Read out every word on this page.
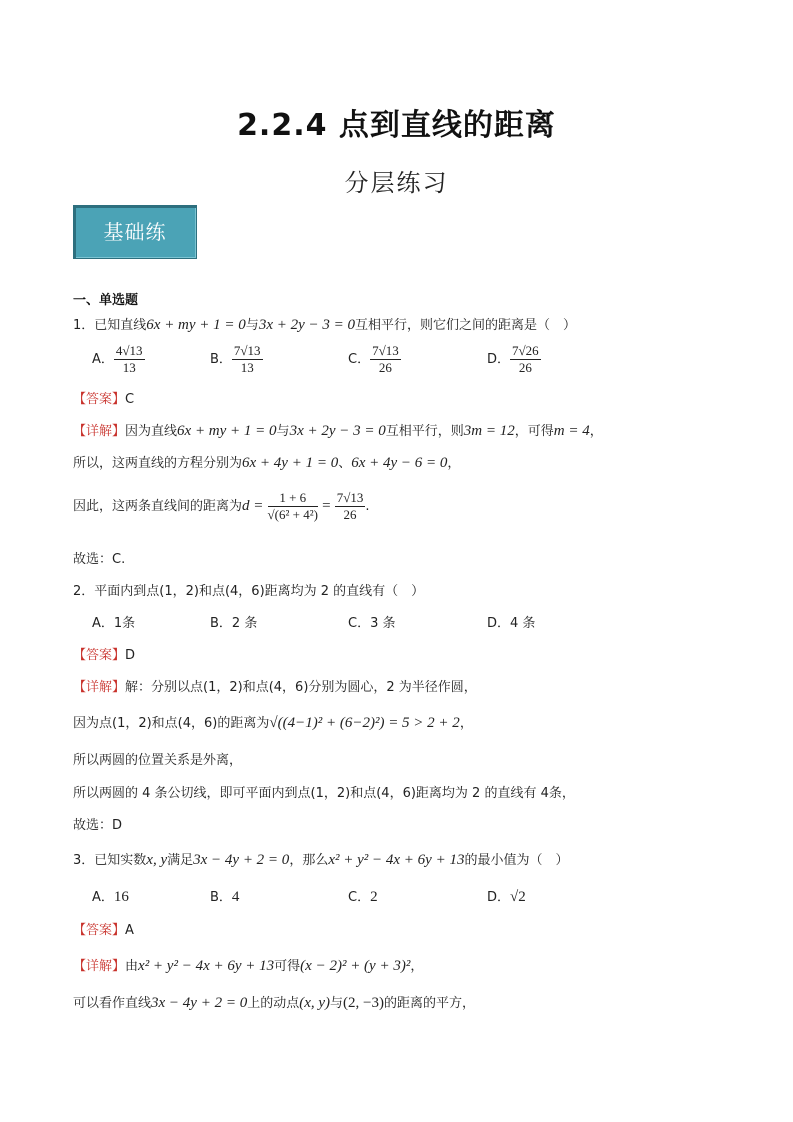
2.2.4 点到直线的距离
分层练习
基础练
一、单选题
1．已知直线6x + my + 1 = 0与3x + 2y − 3 = 0互相平行，则它们之间的距离是（　）
A． $\frac{4√13}{13}$	B． $\frac{7√13}{13}$	C． $\frac{7√13}{26}$	D． $\frac{7√26}{26}$
【答案】C
【详解】因为直线6x + my + 1 = 0与3x + 2y − 3 = 0互相平行，则3m = 12，可得m = 4，
所以，这两直线的方程分别为6x + 4y + 1 = 0、6x + 4y − 6 = 0，
因此，这两条直线间的距离为$d = \frac{1 + 6}{\text{√(6² + 4²)}} = \frac{7√13}{26}$ .
故选：C.
2．平面内到点(1，2)和点(4，6)距离均为 2 的直线有（　）
A．1条	B．2 条	C．3 条	D．4 条
【答案】D
【详解】解：分别以点(1，2)和点(4，6)分别为圆心，2 为半径作圆，
因为点(1，2)和点(4，6)的距离为√((4−1)² + (6−2)²) = 5 > 2 + 2，
所以两圆的位置关系是外离，
所以两圆的 4 条公切线，即可平面内到点(1，2)和点(4，6)距离均为 2 的直线有 4条，
故选：D
3．已知实数x, y满足3x − 4y + 2 = 0，那么x² + y² − 4x + 6y + 13的最小值为（　）
A．16	B．4	C．2	D．√2
【答案】A
【详解】由x² + y² − 4x + 6y + 13可得(x − 2)² + (y + 3)²，
可以看作直线3x − 4y + 2 = 0上的动点(x, y)与(2, −3)的距离的平方，
